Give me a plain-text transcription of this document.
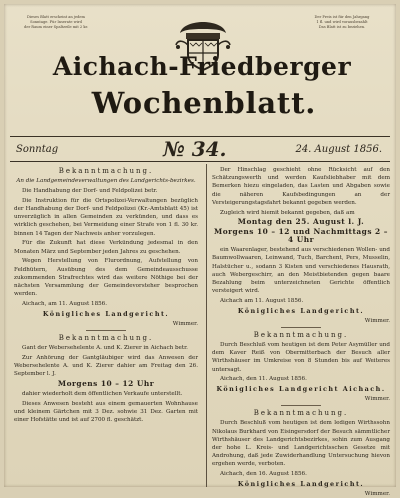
Dieses Blatt erscheint an jedem
Sonntage. Für Inserate wird
der Raum einer Spaltzeile mit 2 kr.
Der Preis ist für den Jahrgang
1 fl. und wird vorausbezahlt
Das Blatt ist zu beziehen.
Aichach-Friedberger
Wochenblatt.
Sonntag	№ 34.	24. August 1856.

Bekanntmachung.

An die Landgemeindeverwaltungen des Landgerichts-bezirkes.

Die Handhabung der Dorf- und Feldpolizei betr.

Die Instruktion für die Ortspolizei-Verwaltungen bezüglich der Handhabung der Dorf- und Feldpolizei (Kr.-Amtsblatt 45) ist unverzüglich in allen Gemeinden zu verkünden, und dass es wirklich geschehen, bei Vermeidung einer Strafe von 1 fl. 30 kr. binnen 14 Tagen der Nachweis anher vorzulegen.

Für die Zukunft hat diese Verkündung jedesmal in den Monaten März und September jeden Jahres zu geschehen.

Wegen Herstellung von Flurordnung, Aufstellung von Feldhütern, Ausübung des dem Gemeindeausschusse zukommenden Strafrechtes wird das weitere Nöthige bei der nächsten Versammlung der Gemeindevorsteher besprochen werden.

Aichach, am 11. August 1856.

Königliches Landgericht.

Wimmer.

Bekanntmachung.

Gant der Webersehelente A. und K. Zierer in Aichach betr.

Zur Anhörung der Gantgläubiger wird das Anwesen der Webersehelente A. und K. Zierer dahier am Freitag den 26. September l. J.

Morgens 10 – 12 Uhr

dahier wiederholt dem öffentlichen Verkaufe unterstellt.

Dieses Anwesen besteht aus einem gemauerten Wohnhause und kleinem Gärtchen mit 3 Dez. sohwie 31 Dez. Garten mit einer Hofstätte und ist auf 2700 fl. geschätzt.

Der Hinschlag geschieht ohne Rücksicht auf den Schätzungswerth und werden Kaufsliebhaber mit dem Bemerken hiezu eingeladen, das Lasten und Abgaben sowie die näheren Kaufsbedingungen an der Versteigerungstagsfahrt bekannt gegeben werden.

Zugleich wird hiemit bekannt gegeben, daß am

Montag den 25. August l. J.

Morgens 10 – 12 und Nachmittags 2 – 4 Uhr

ein Waarenlager, bestehend aus verschiedenen Wollen- und Baumwollwaaren, Leinwand, Tuch, Barchent, Pers, Musselin, Halstücher u., sodann 3 Kisten und verschiedenes Hausrath, auch Webergeschirr, an den Meistbietenden gegen baare Bezahlung beim unterzeichneten Gerichte öffentlich versteigert wird.

Aichach am 11. August 1856.

Königliches Landgericht.

Wimmer.

Bekanntmachung.

Durch Beschluß vom heutigen ist dem Peter Asymüller und dem Kaver Reiß von Obermitterbach der Besuch aller Wirthshäuser im Umkreise von 8 Stunden bis auf Weiteres untersagt.

Aichach, den 11. August 1856.

Königliches Landgericht Aichach.

Wimmer.

Bekanntmachung.

Durch Beschluß vom heutigen ist dem ledigen Wirthssohn Nikolaus Burkhard von Eisingersdorf der Besuch sämmtlicher Wirthshäuser des Landgerichtsbezirkes, sohin zum Ausgang der hohe L. Kreis- und Landgerichtsschen Gesetze mit Androhung, daß jede Zuwiderhandlung Untersuchung hievon ergehen werde, verboten.

Aichach, den 16. August 1856.

Königliches Landgericht.

Wimmer.
